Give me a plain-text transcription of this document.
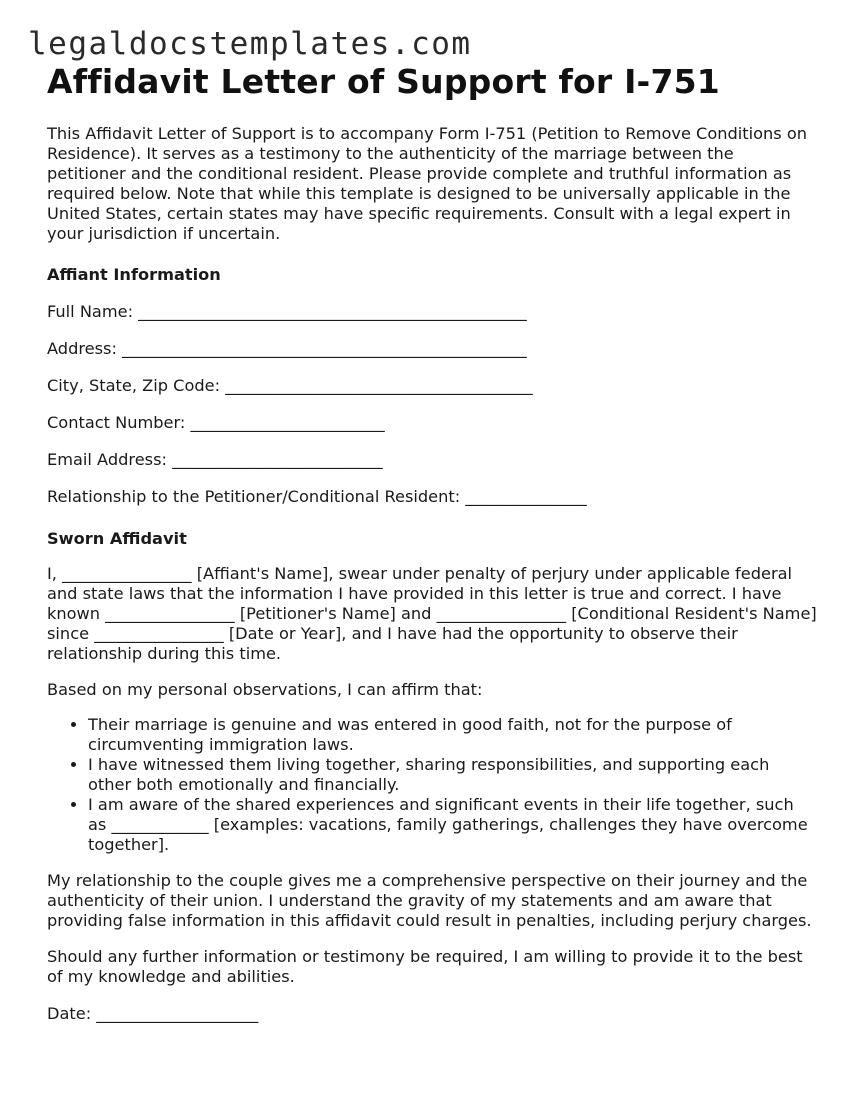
legaldocstemplates.com
Affidavit Letter of Support for I-751

This Affidavit Letter of Support is to accompany Form I-751 (Petition to Remove Conditions on Residence). It serves as a testimony to the authenticity of the marriage between the petitioner and the conditional resident. Please provide complete and truthful information as required below. Note that while this template is designed to be universally applicable in the United States, certain states may have specific requirements. Consult with a legal expert in your jurisdiction if uncertain.

Affiant Information
Full Name: ________________________________________________
Address: __________________________________________________
City, State, Zip Code: ______________________________________
Contact Number: ________________________
Email Address: __________________________
Relationship to the Petitioner/Conditional Resident: _______________
Sworn Affidavit

I, ________________ [Affiant's Name], swear under penalty of perjury under applicable federal and state laws that the information I have provided in this letter is true and correct. I have known ________________ [Petitioner's Name] and ________________ [Conditional Resident's Name] since ________________ [Date or Year], and I have had the opportunity to observe their relationship during this time.

Based on my personal observations, I can affirm that:

• Their marriage is genuine and was entered in good faith, not for the purpose of circumventing immigration laws.
• I have witnessed them living together, sharing responsibilities, and supporting each other both emotionally and financially.
• I am aware of the shared experiences and significant events in their life together, such as ____________ [examples: vacations, family gatherings, challenges they have overcome together].

My relationship to the couple gives me a comprehensive perspective on their journey and the authenticity of their union. I understand the gravity of my statements and am aware that providing false information in this affidavit could result in penalties, including perjury charges.

Should any further information or testimony be required, I am willing to provide it to the best of my knowledge and abilities.

Date: ____________________
